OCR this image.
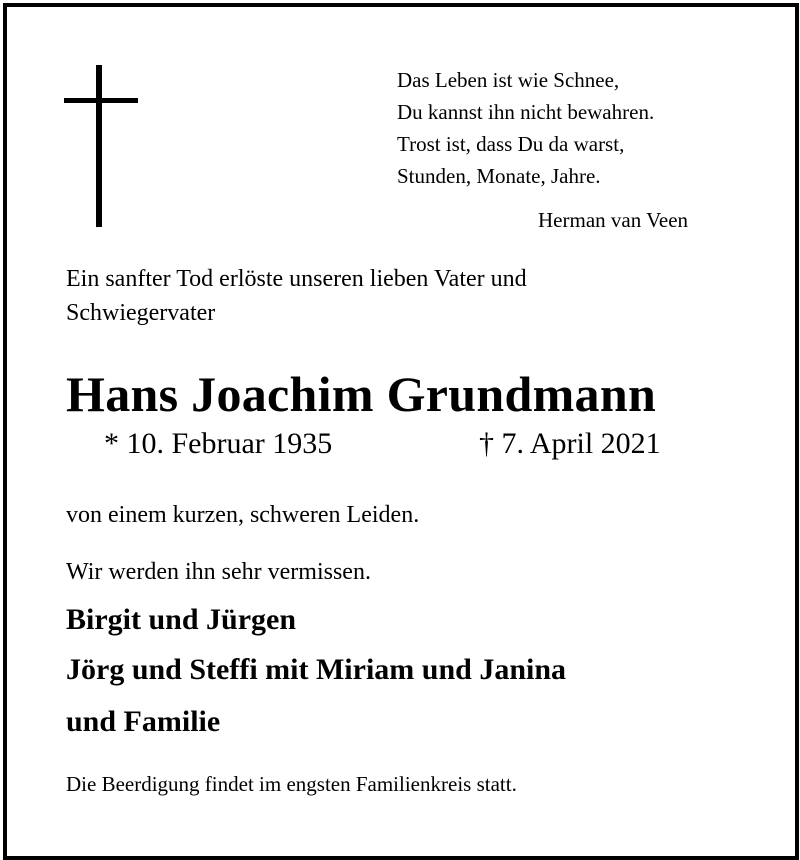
Das Leben ist wie Schnee,
Du kannst ihn nicht bewahren.
Trost ist, dass Du da warst,
Stunden, Monate, Jahre.
Herman van Veen
Ein sanfter Tod erlöste unseren lieben Vater und
Schwiegervater
Hans Joachim Grundmann
* 10. Februar 1935	† 7. April 2021
von einem kurzen, schweren Leiden.
Wir werden ihn sehr vermissen.
Birgit und Jürgen
Jörg und Steffi mit Miriam und Janina
und Familie
Die Beerdigung findet im engsten Familienkreis statt.
